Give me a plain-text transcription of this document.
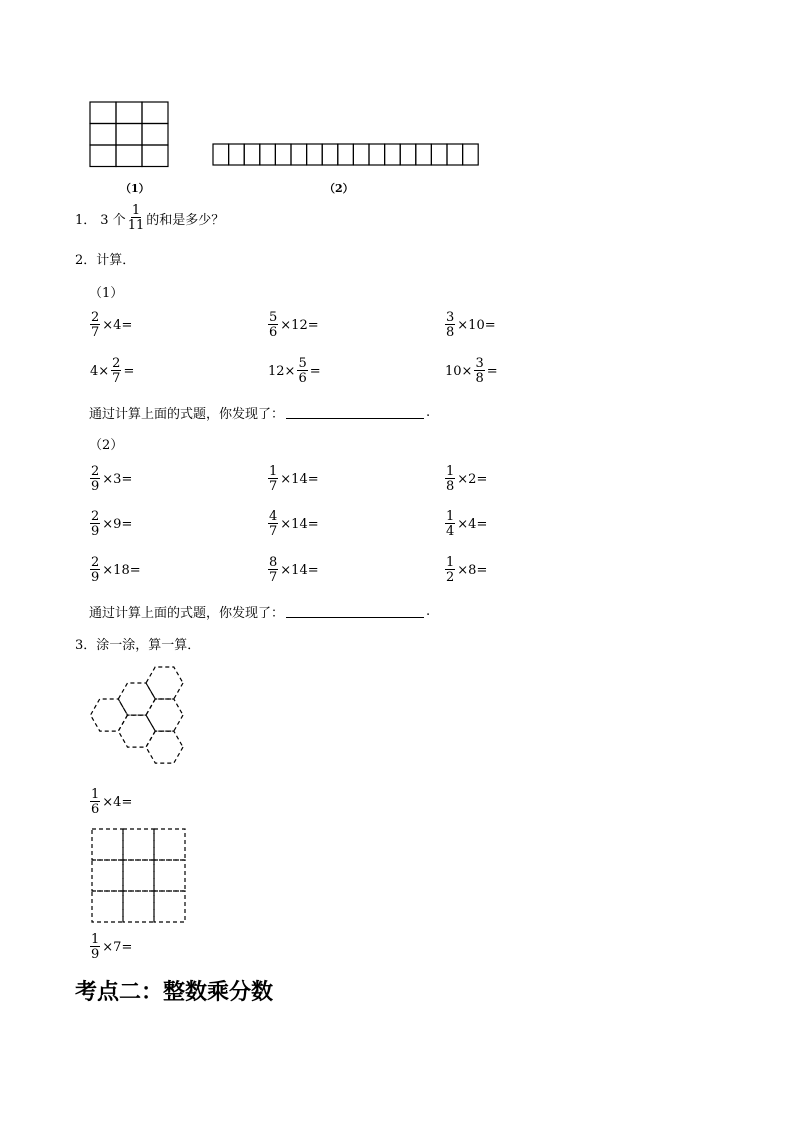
（1）	（2）
1． 3 个 $\frac{1}{11}$ 的和是多少？
2．计算．
（1）
$\frac{2}{7} \times 4=$	$\frac{5}{6} \times 12=$	$\frac{3}{8} \times 10=$
$4\times \frac{2}{7}$ =	$12\times \frac{5}{6}$ =	$10\times \frac{3}{8}$ =
通过计算上面的式题，你发现了：	.
（2）
$\frac{2}{9} \times 3=$	$\frac{1}{7} \times 14=$	$\frac{1}{8} \times 2=$
$\frac{2}{9} \times 9=$	$\frac{4}{7} \times 14=$	$\frac{1}{4} \times 4=$
$\frac{2}{9} \times 18=$	$\frac{8}{7} \times 14=$	$\frac{1}{2} \times 8=$
通过计算上面的式题，你发现了：	.
3．涂一涂，算一算．
$\frac{1}{6} \times 4=$
$\frac{1}{9} \times 7=$
考点二：整数乘分数
